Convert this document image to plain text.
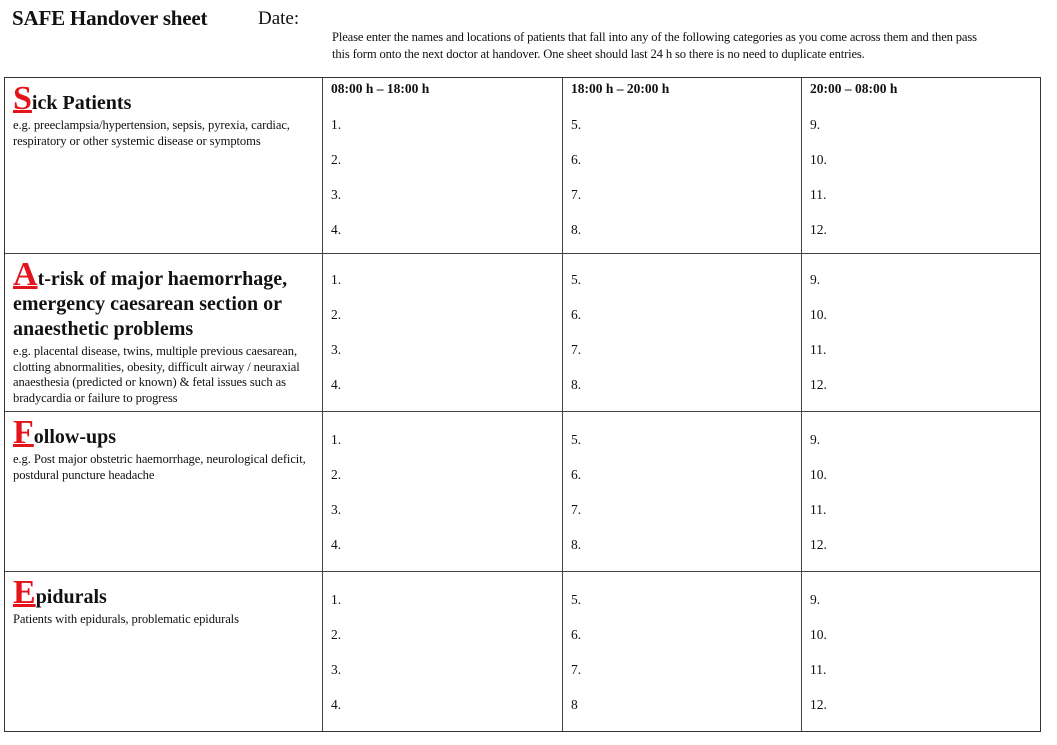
SAFE Handover sheet	Date:
Please enter the names and locations of patients that fall into any of the following categories as you come across them and then pass
this form onto the next doctor at handover. One sheet should last 24 h so there is no need to duplicate entries.
Sick Patients
e.g. preeclampsia/hypertension, sepsis, pyrexia, cardiac, respiratory or other systemic disease or symptoms
08:00 h – 18:00 h
1.
2.
3.
4.
18:00 h – 20:00 h
5.
6.
7.
8.
20:00 – 08:00 h
9.
10.
11.
12.
At-risk of major haemorrhage, emergency caesarean section or anaesthetic problems
e.g. placental disease, twins, multiple previous caesarean, clotting abnormalities, obesity, difficult airway / neuraxial anaesthesia (predicted or known) & fetal issues such as bradycardia or failure to progress
1.
2.
3.
4.
5.
6.
7.
8.
9.
10.
11.
12.
Follow-ups
e.g. Post major obstetric haemorrhage, neurological deficit, postdural puncture headache
1.
2.
3.
4.
5.
6.
7.
8.
9.
10.
11.
12.
Epidurals
Patients with epidurals, problematic epidurals
1.
2.
3.
4.
5.
6.
7.
8
9.
10.
11.
12.
